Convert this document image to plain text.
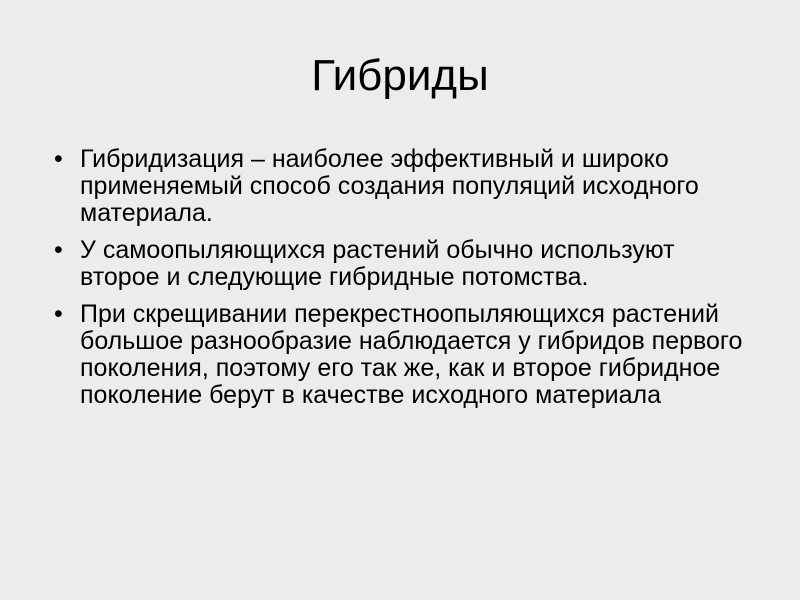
Гибриды
• Гибридизация – наиболее эффективный и широко применяемый способ создания популяций исходного материала.
• У самоопыляющихся растений обычно используют второе и следующие гибридные потомства.
• При скрещивании перекрестноопыляющихся растений большое разнообразие наблюдается у гибридов первого поколения, поэтому его так же, как и второе гибридное поколение берут в качестве исходного материала
